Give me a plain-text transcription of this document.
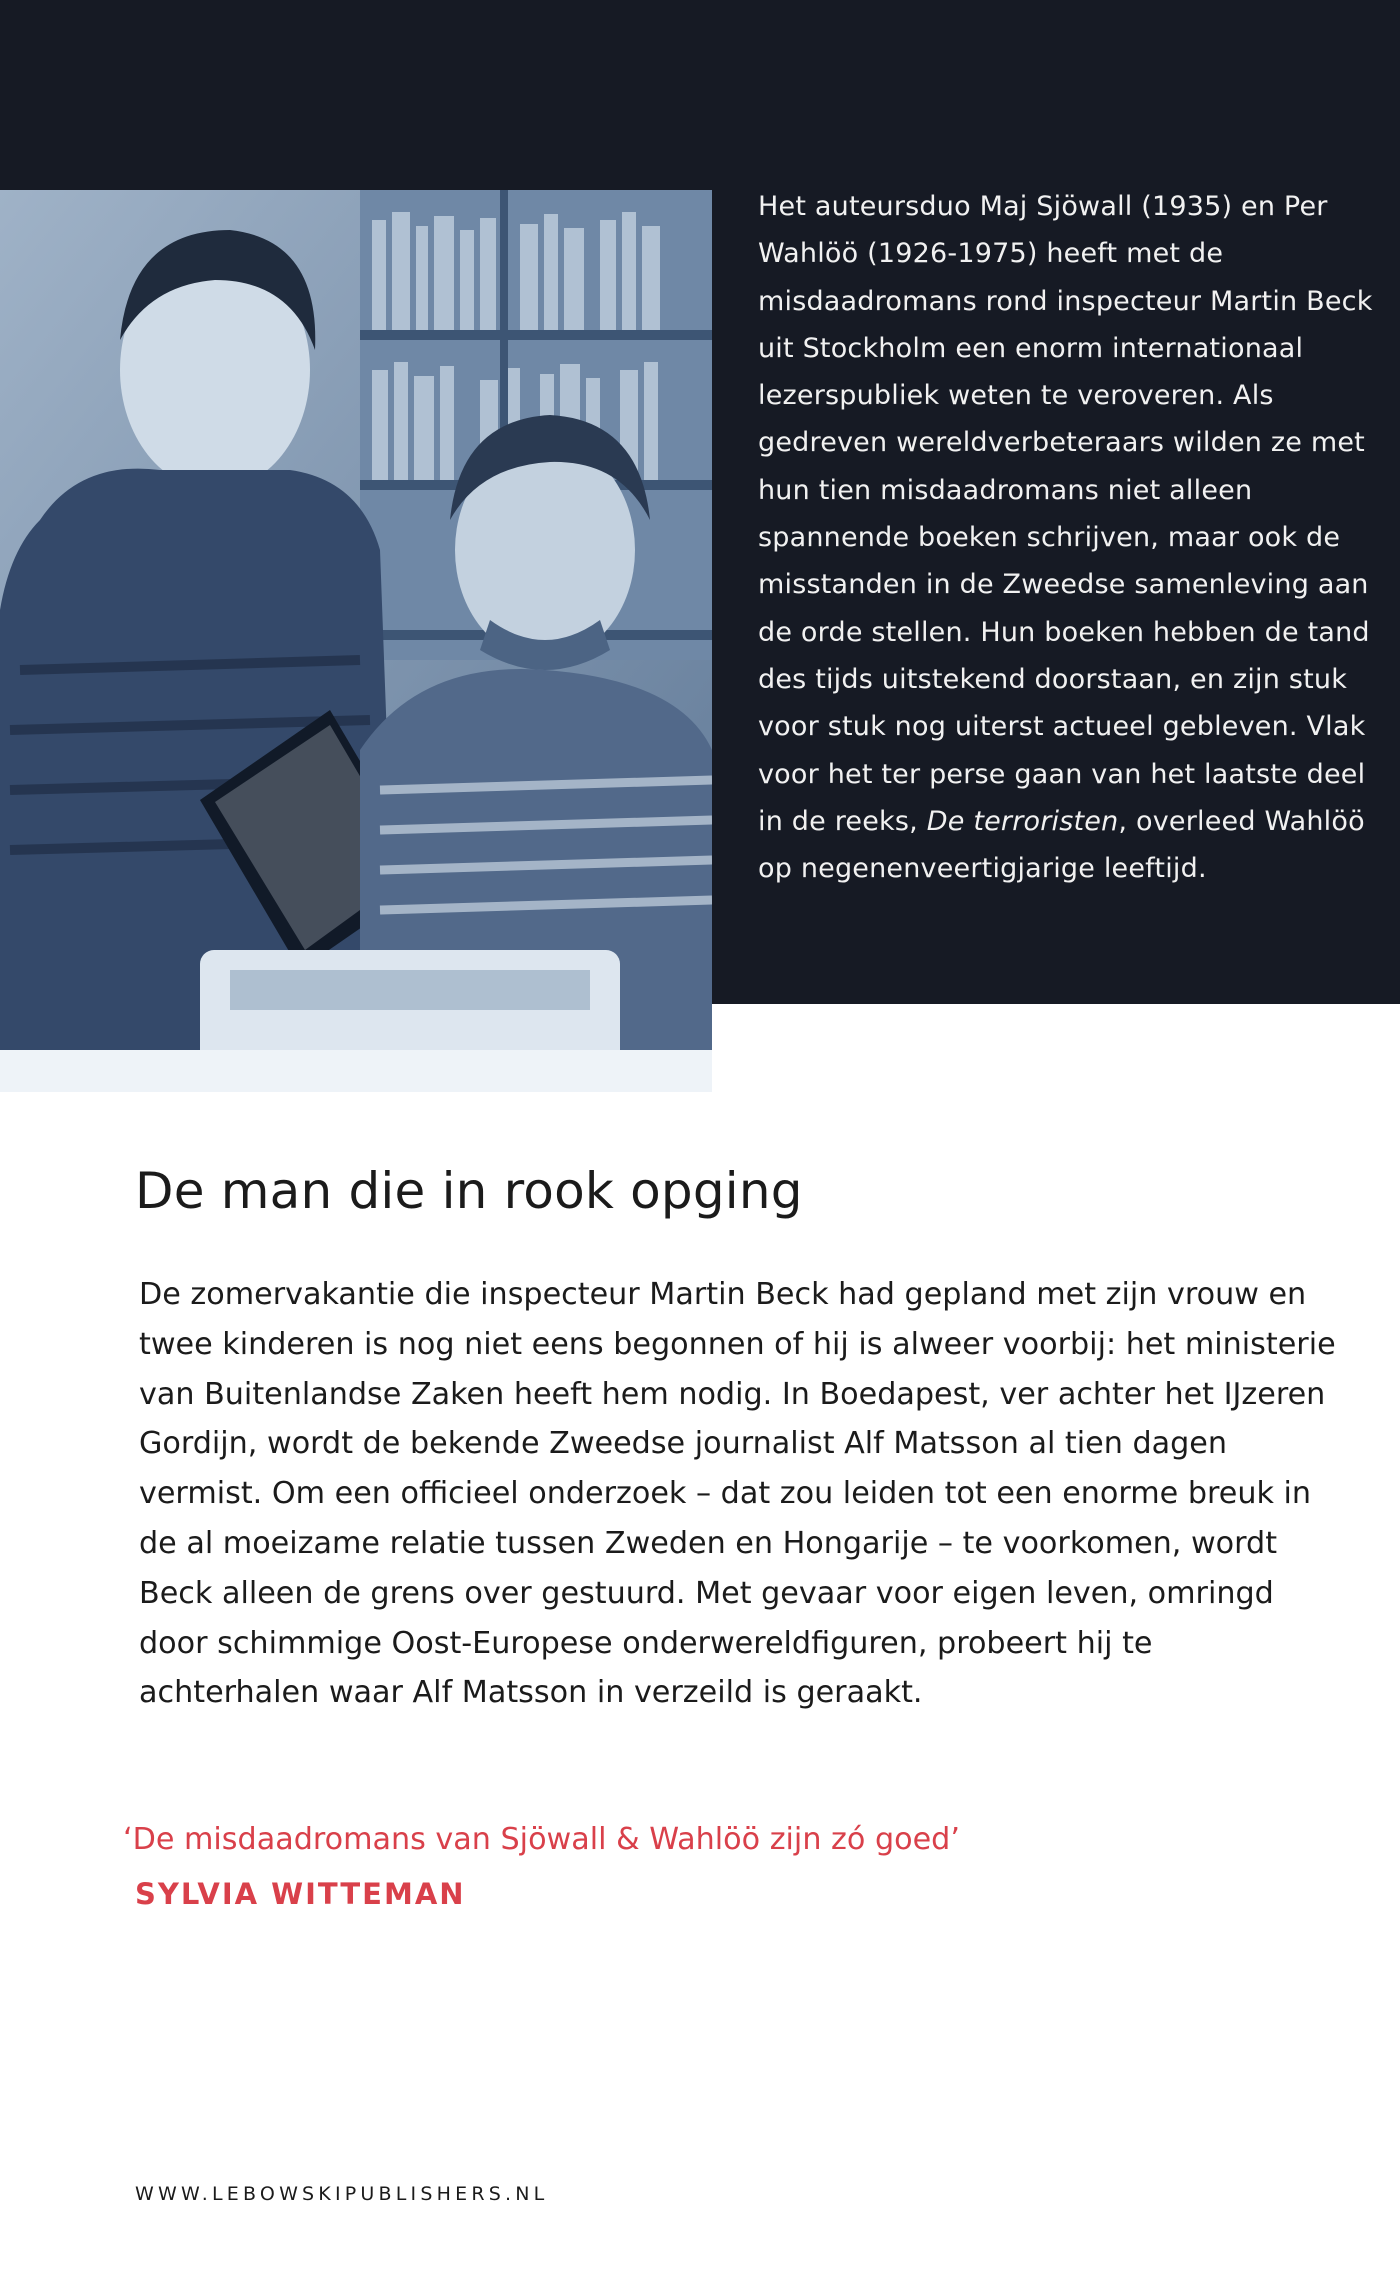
Het auteursduo Maj Sjöwall (1935) en Per Wahlöö (1926-1975) heeft met de misdaadromans rond inspecteur Martin Beck uit Stockholm een enorm internationaal lezerspubliek weten te veroveren. Als gedreven wereldverbeteraars wilden ze met hun tien misdaadromans niet alleen spannende boeken schrijven, maar ook de misstanden in de Zweedse samenleving aan de orde stellen. Hun boeken hebben de tand des tijds uitstekend doorstaan, en zijn stuk voor stuk nog uiterst actueel gebleven. Vlak voor het ter perse gaan van het laatste deel in de reeks, De terroristen, overleed Wahlöö op negenenveertigjarige leeftijd.

De man die in rook opging

De zomervakantie die inspecteur Martin Beck had gepland met zijn vrouw en twee kinderen is nog niet eens begonnen of hij is alweer voorbij: het ministerie van Buitenlandse Zaken heeft hem nodig. In Boedapest, ver achter het IJzeren Gordijn, wordt de bekende Zweedse journalist Alf Matsson al tien dagen vermist. Om een officieel onderzoek – dat zou leiden tot een enorme breuk in de al moeizame relatie tussen Zweden en Hongarije – te voorkomen, wordt Beck alleen de grens over gestuurd. Met gevaar voor eigen leven, omringd door schimmige Oost-Europese onderwereldfiguren, probeert hij te achterhalen waar Alf Matsson in verzeild is geraakt.

‘De misdaadromans van Sjöwall & Wahlöö zijn zó goed’

SYLVIA WITTEMAN

WWW.LEBOWSKIPUBLISHERS.NL
